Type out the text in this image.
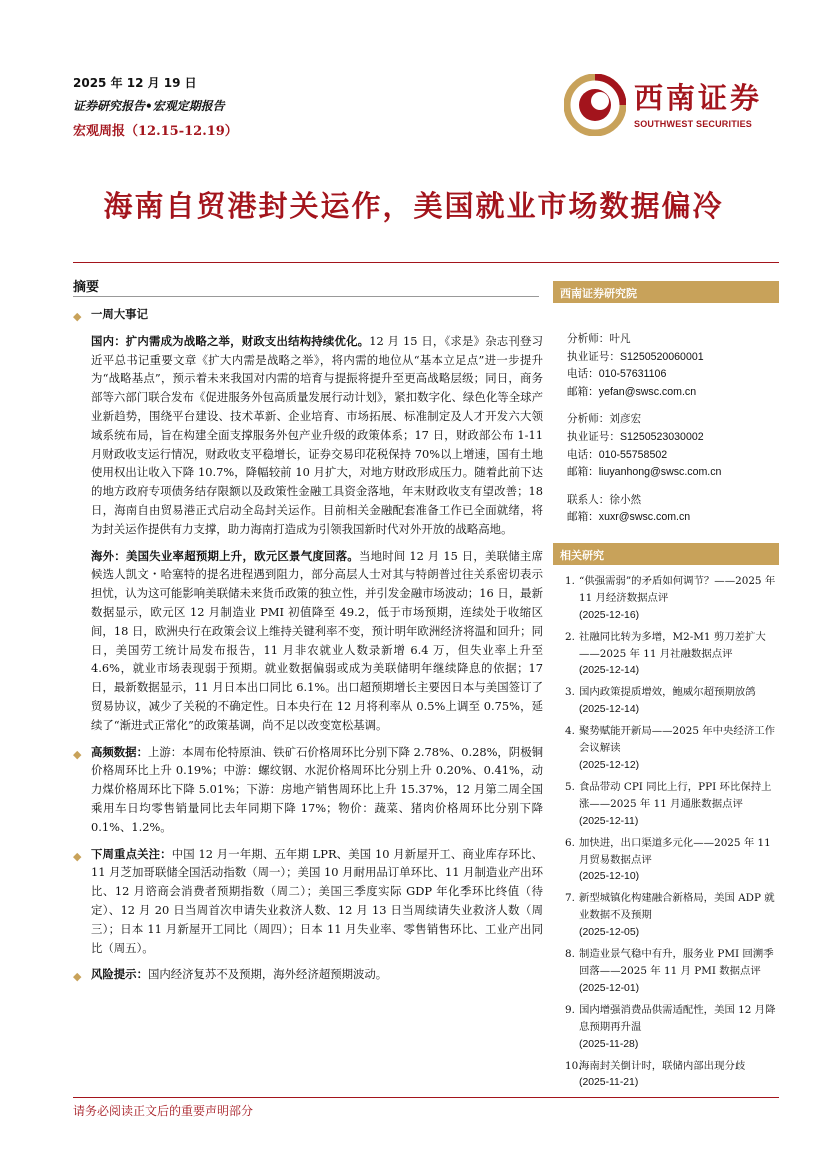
2025 年 12 月 19 日
证券研究报告•宏观定期报告
宏观周报（12.15-12.19）
西南证券
SOUTHWEST SECURITIES
海南自贸港封关运作，美国就业市场数据偏冷
摘要
◆ 一周大事记
国内：扩内需成为战略之举，财政支出结构持续优化。12 月 15 日，《求是》杂志刊登习近平总书记重要文章《扩大内需是战略之举》，将内需的地位从“基本立足点”进一步提升为“战略基点”，预示着未来我国对内需的培育与提振将提升至更高战略层级；同日，商务部等六部门联合发布《促进服务外包高质量发展行动计划》，紧扣数字化、绿色化等全球产业新趋势，围绕平台建设、技术革新、企业培育、市场拓展、标准制定及人才开发六大领域系统布局，旨在构建全面支撑服务外包产业升级的政策体系；17 日，财政部公布 1-11 月财政收支运行情况，财政收支平稳增长，证券交易印花税保持 70%以上增速，国有土地使用权出让收入下降 10.7%，降幅较前 10 月扩大，对地方财政形成压力。随着此前下达的地方政府专项债务结存限额以及政策性金融工具资金落地，年末财政收支有望改善；18 日，海南自由贸易港正式启动全岛封关运作。目前相关金融配套准备工作已全面就绪，将为封关运作提供有力支撑，助力海南打造成为引领我国新时代对外开放的战略高地。
海外：美国失业率超预期上升，欧元区景气度回落。当地时间 12 月 15 日，美联储主席候选人凯文・哈塞特的提名进程遇到阻力，部分高层人士对其与特朗普过往关系密切表示担忧，认为这可能影响美联储未来货币政策的独立性，并引发金融市场波动；16 日，最新数据显示，欧元区 12 月制造业 PMI 初值降至 49.2，低于市场预期，连续处于收缩区间，18 日，欧洲央行在政策会议上维持关键利率不变，预计明年欧洲经济将温和回升；同日，美国劳工统计局发布报告，11 月非农就业人数录新增 6.4 万，但失业率上升至 4.6%，就业市场表现弱于预期。就业数据偏弱或成为美联储明年继续降息的依据；17 日，最新数据显示，11 月日本出口同比 6.1%。出口超预期增长主要因日本与美国签订了贸易协议，减少了关税的不确定性。日本央行在 12 月将利率从 0.5%上调至 0.75%，延续了“渐进式正常化”的政策基调，尚不足以改变宽松基调。
◆ 高频数据：上游：本周布伦特原油、铁矿石价格周环比分别下降 2.78%、0.28%，阴极铜价格周环比上升 0.19%；中游：螺纹钢、水泥价格周环比分别上升 0.20%、0.41%，动力煤价格周环比下降 5.01%；下游：房地产销售周环比上升 15.37%，12 月第二周全国乘用车日均零售销量同比去年同期下降 17%；物价：蔬菜、猪肉价格周环比分别下降 0.1%、1.2%。
◆ 下周重点关注：中国 12 月一年期、五年期 LPR、美国 10 月新屋开工、商业库存环比、11 月芝加哥联储全国活动指数（周一）；美国 10 月耐用品订单环比、11 月制造业产出环比、12 月谘商会消费者预期指数（周二）；美国三季度实际 GDP 年化季环比终值（待定）、12 月 20 日当周首次申请失业救济人数、12 月 13 日当周续请失业救济人数（周三）；日本 11 月新屋开工同比（周四）；日本 11 月失业率、零售销售环比、工业产出同比（周五）。
◆ 风险提示：国内经济复苏不及预期，海外经济超预期波动。
西南证券研究院
分析师：叶凡
执业证号：S1250520060001
电话：010-57631106
邮箱：yefan@swsc.com.cn
分析师：刘彦宏
执业证号：S1250523030002
电话：010-55758502
邮箱：liuyanhong@swsc.com.cn
联系人：徐小然
邮箱：xuxr@swsc.com.cn
相关研究
1. “供强需弱”的矛盾如何调节？——2025 年 11 月经济数据点评
(2025-12-16)
2. 社融同比转为多增，M2-M1 剪刀差扩大——2025 年 11 月社融数据点评
(2025-12-14)
3. 国内政策提质增效，鲍威尔超预期放鸽
(2025-12-14)
4. 聚势赋能开新局——2025 年中央经济工作会议解读
(2025-12-12)
5. 食品带动 CPI 同比上行，PPI 环比保持上涨——2025 年 11 月通胀数据点评
(2025-12-11)
6. 加快进，出口渠道多元化——2025 年 11 月贸易数据点评
(2025-12-10)
7. 新型城镇化构建融合新格局，美国 ADP 就业数据不及预期
(2025-12-05)
8. 制造业景气稳中有升，服务业 PMI 回溯季回落——2025 年 11 月 PMI 数据点评
(2025-12-01)
9. 国内增强消费品供需适配性，美国 12 月降息预期再升温
(2025-11-28)
10.
海南封关倒计时，联储内部出现分歧
(2025-11-21)
请务必阅读正文后的重要声明部分
